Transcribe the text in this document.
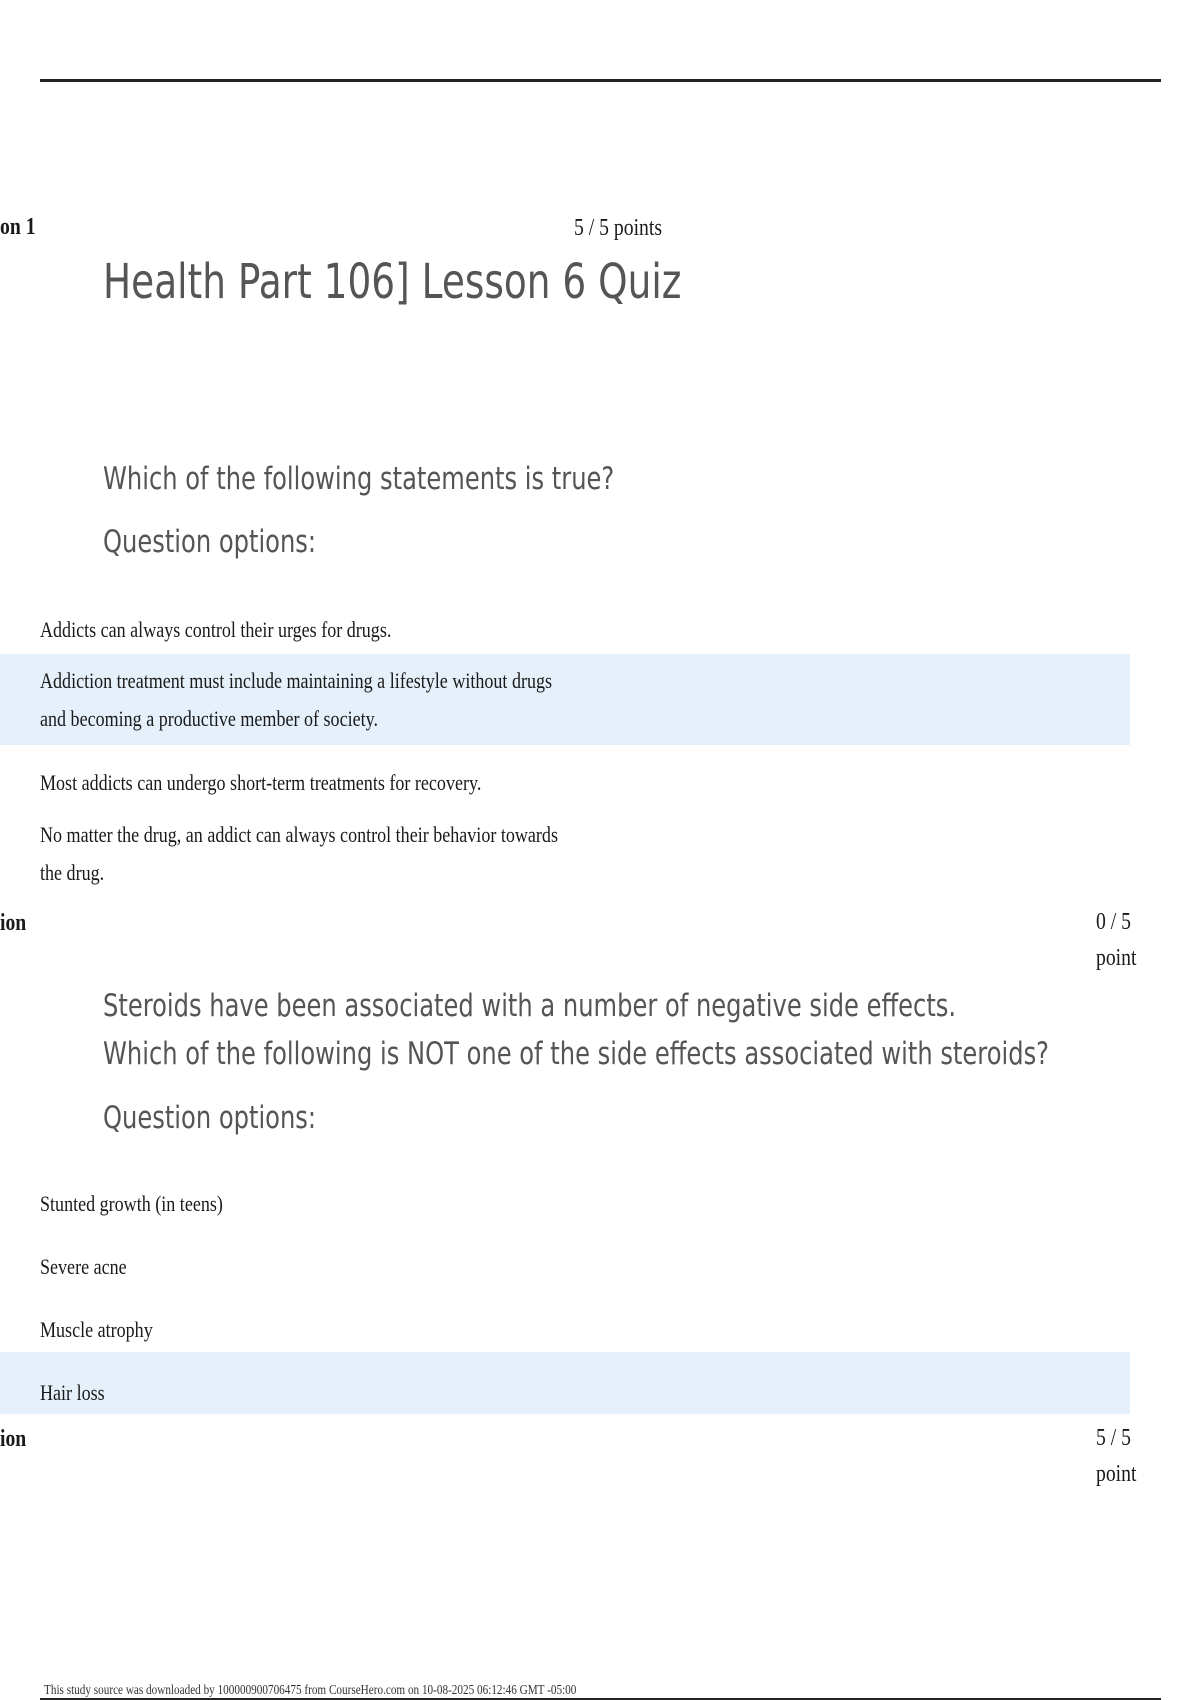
on 1	5 / 5 points
Health Part 106] Lesson 6 Quiz
Which of the following statements is true?
Question options:
Addicts can always control their urges for drugs.
Addiction treatment must include maintaining a lifestyle without drugs
and becoming a productive member of society.
Most addicts can undergo short-term treatments for recovery.
No matter the drug, an addict can always control their behavior towards
the drug.
ion	0 / 5
point
Steroids have been associated with a number of negative side effects.
Which of the following is NOT one of the side effects associated with steroids?
Question options:
Stunted growth (in teens)
Severe acne
Muscle atrophy
Hair loss
ion	5 / 5
point
This study source was downloaded by 100000900706475 from CourseHero.com on 10-08-2025 06:12:46 GMT -05:00
